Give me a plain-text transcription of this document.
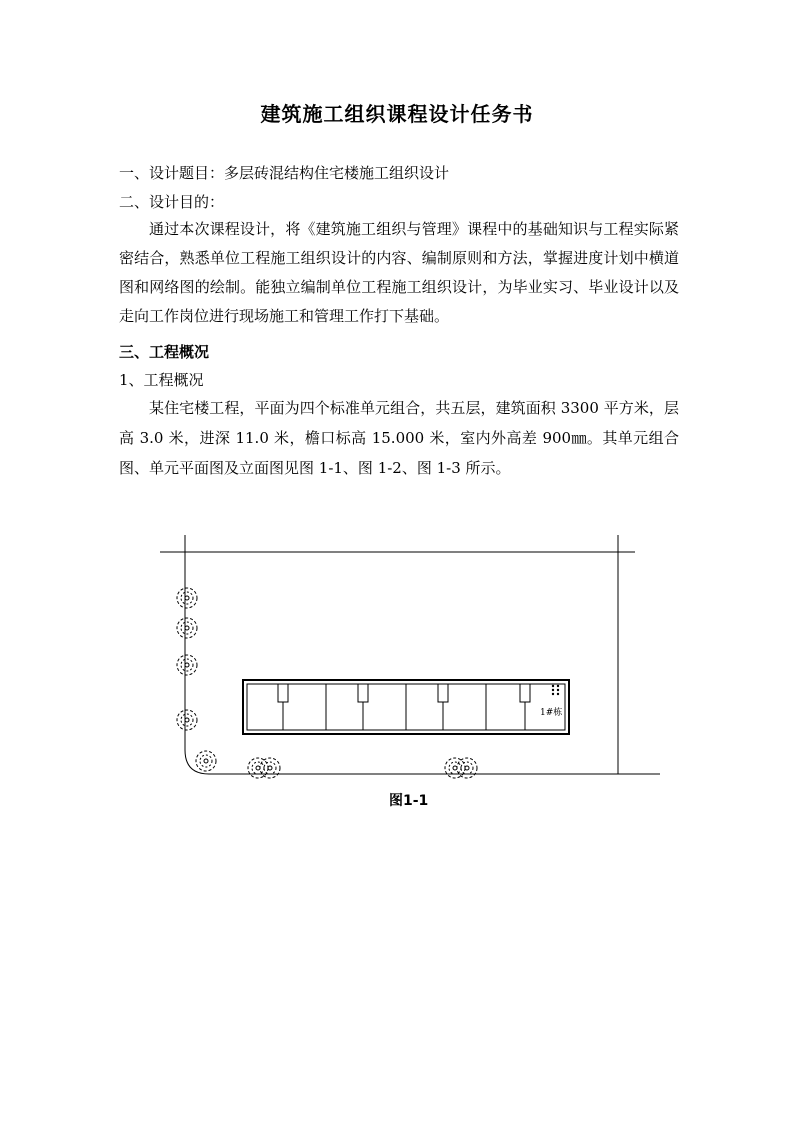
建筑施工组织课程设计任务书
一、设计题目：多层砖混结构住宅楼施工组织设计
二、设计目的：
通过本次课程设计，将《建筑施工组织与管理》课程中的基础知识与工程实际紧密结合，熟悉单位工程施工组织设计的内容、编制原则和方法，掌握进度计划中横道图和网络图的绘制。能独立编制单位工程施工组织设计，为毕业实习、毕业设计以及走向工作岗位进行现场施工和管理工作打下基础。
三、工程概况
1、工程概况
某住宅楼工程，平面为四个标准单元组合，共五层，建筑面积 3300 平方米，层高 3.0 米，进深 11.0 米，檐口标高 15.000 米，室内外高差 900㎜。其单元组合图、单元平面图及立面图见图 1-1、图 1-2、图 1-3 所示。
1#栋
图1-1
